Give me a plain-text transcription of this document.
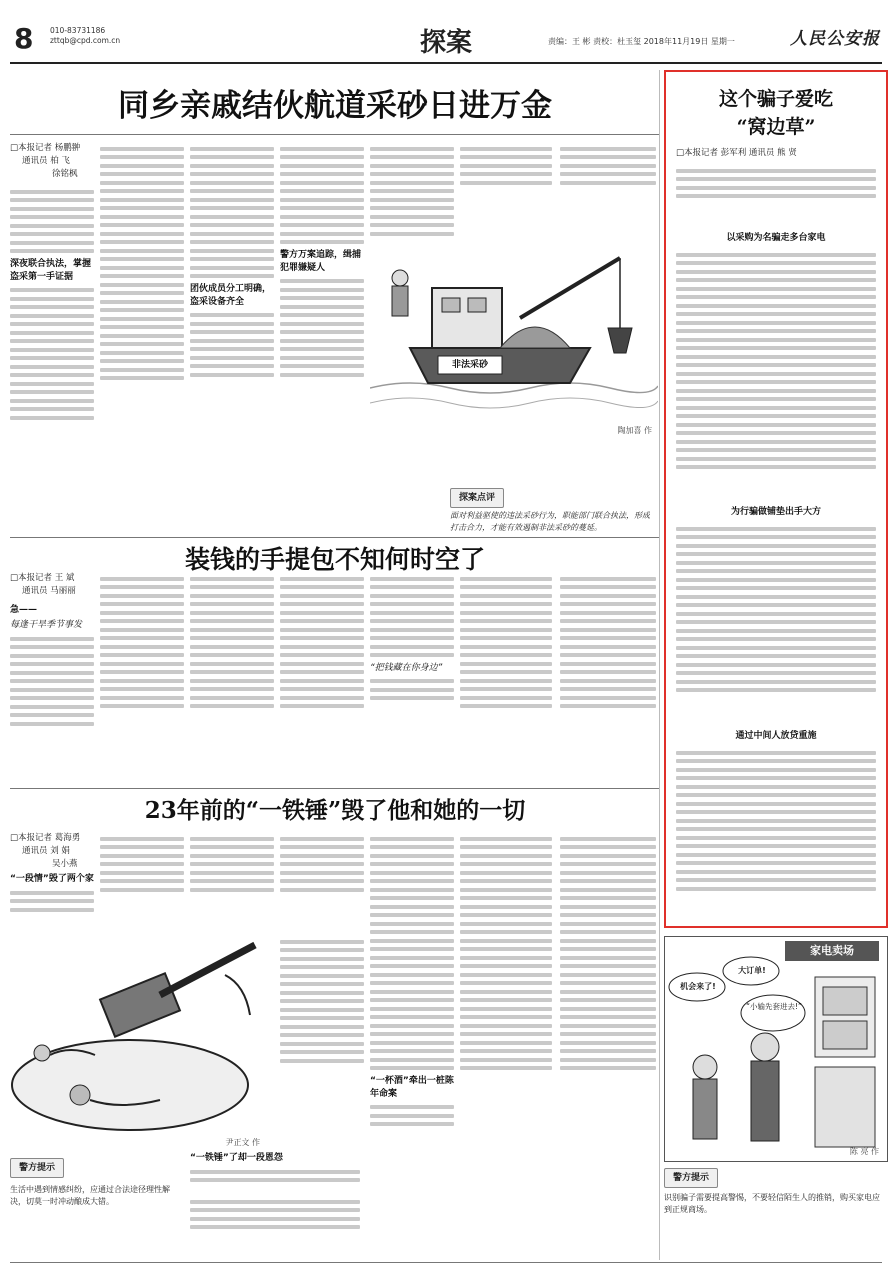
8 010-83731186
zttqb@cpd.com.cn	探案	责编：王 彬 责校：杜玉玺 2018年11月19日 星期一	人民公安报
同乡亲戚结伙航道采砂日进万金
□本报记者 杨鹏翀
通讯员 柏 飞
徐铭枫
深夜联合执法，掌握盗采第一手证据
团伙成员分工明确，盗采设备齐全
警方万案追踪，缉捕犯罪嫌疑人
非法采砂
陶加喜 作
探案点评
面对利益驱使的违法采砂行为，职能部门联合执法，形成打击合力，才能有效遏制非法采砂的蔓延。
装钱的手提包不知何时空了
□本报记者 王 斌
通讯员 马丽丽
急——
每逢干旱季节事发
“把钱藏在你身边”
23年前的“一铁锤”毁了他和她的一切
□本报记者 葛海勇
通讯员 刘 娟
吴小燕
“一段情”毁了两个家
尹正文 作
“一杯酒”牵出一桩陈年命案
“一铁锤”了却一段恩怨
警方提示
生活中遇到情感纠纷，应通过合法途径理性解决，切莫一时冲动酿成大错。
这个骗子爱吃
“窝边草”
□本报记者 彭军利 通讯员 熊 贤
以采购为名骗走多台家电
为行骗做铺垫出手大方
通过中间人放贷重施
家电卖场
机会来了!
大订单!
“小输先套进去!”
陈 亮 作
警方提示
识别骗子需要提高警惕，不要轻信陌生人的推销，购买家电应到正规商场。
